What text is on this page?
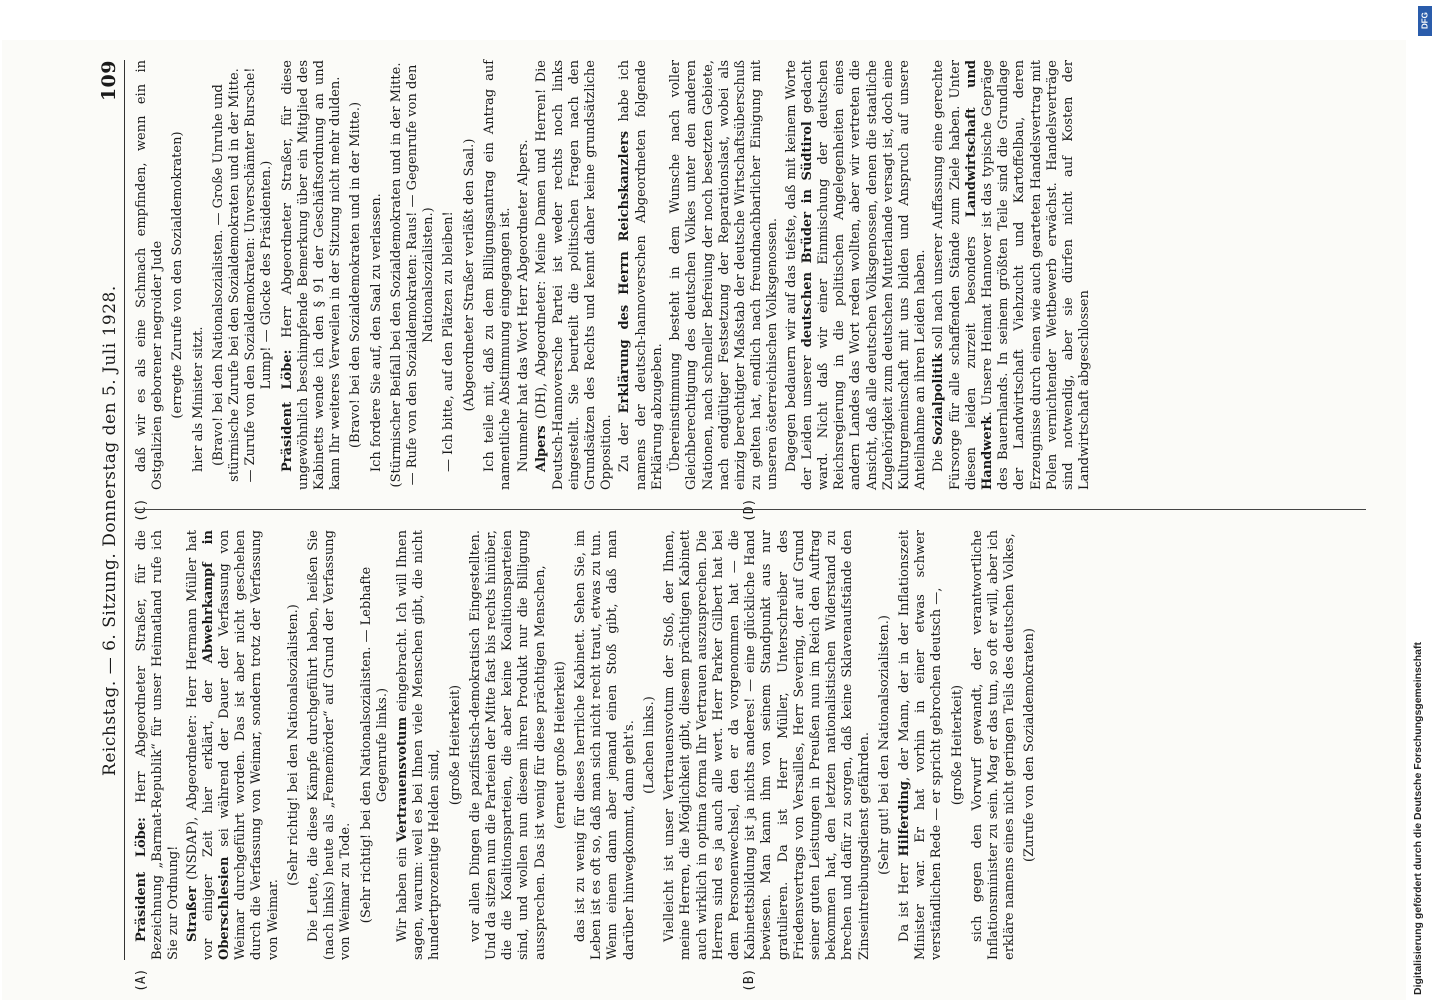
Reichstag. — 6. Sitzung. Donnerstag den 5. Juli 1928.
109
(A)	(B)
(C)	(D)

Präsident Löbe: Herr Abgeordneter Straßer, für die Bezeichnung „Barmat-Republik“ für unser Heimatland rufe ich Sie zur Ordnung! Straßer (NSDAP), Abgeordneter: Herr Hermann Müller hat vor einiger Zeit hier erklärt, der Abwehrkampf in Oberschlesien sei während der Dauer der Verfassung von Weimar durchgeführt worden. Das ist aber nicht geschehen durch die Verfassung von Weimar, sondern trotz der Verfassung von Weimar.

(Sehr richtig! bei den Nationalsozialisten.) Die Leute, die diese Kämpfe durchgeführt haben, heißen Sie (nach links) heute als „Fememörder“ auf Grund der Verfassung von Weimar zu Tode. (Sehr richtig! bei den Nationalsozialisten. — Lebhafte Gegenrufe links.)

Wir haben ein Vertrauensvotum eingebracht. Ich will Ihnen sagen, warum: weil es bei Ihnen viele Menschen gibt, die nicht hundertprozentige Helden sind,

(große Heiterkeit) vor allen Dingen die pazifistisch-demokratisch Eingestellten. Und da sitzen nun die Parteien der Mitte fast bis rechts hinüber, die die Koalitionsparteien, die aber keine Koalitionsparteien sind, und wollen nun diesem ihren Produkt nur die Billigung aussprechen. Das ist wenig für diese prächtigen Menschen, (erneut große Heiterkeit) das ist zu wenig für dieses herrliche Kabinett. Sehen Sie, im Leben ist es oft so, daß man sich nicht recht traut, etwas zu tun. Wenn einem dann aber jemand einen Stoß gibt, daß man darüber hinwegkommt, dann geht's. (Lachen links.) Vielleicht ist unser Vertrauensvotum der Stoß, der Ihnen, meine Herren, die Möglichkeit gibt, diesem prächtigen Kabinett auch wirklich in optima forma Ihr Vertrauen auszusprechen. Die Herren sind es ja auch alle wert. Herr Parker Gilbert hat bei dem Personenwechsel, den er da vorgenommen hat — die Kabinettsbildung ist ja nichts anderes! — eine glückliche Hand bewiesen. Man kann ihm von seinem Standpunkt aus nur gratulieren. Da ist Herr Müller, Unterschreiber des Friedensvertrags von Versailles, Herr Severing, der auf Grund seiner guten Leistungen in Preußen nun im Reich den Auftrag bekommen hat, den letzten nationalistischen Widerstand zu brechen und dafür zu sorgen, daß keine Sklavenaufstände den Zinseintreibungsdienst gefährden. (Sehr gut! bei den Nationalsozialisten.)

Da ist Herr Hilferding, der Mann, der in der Inflationszeit Minister war. Er hat vorhin in einer etwas schwer verständlichen Rede — er spricht gebrochen deutsch —, (große Heiterkeit) sich gegen den Vorwurf gewandt, der verantwortliche Inflationsminister zu sein. Mag er das tun, so oft er will, aber ich erkläre namens eines nicht geringen Teils des deutschen Volkes, (Zurufe von den Sozialdemokraten)

daß wir es als eine Schmach empfinden, wenn ein in Ostgalizien geborener negroider Jude (erregte Zurufe von den Sozialdemokraten) hier als Minister sitzt. (Bravo! bei den Nationalsozialisten. — Große Unruhe und stürmische Zurufe bei den Sozialdemokraten und in der Mitte. — Zurufe von den Sozialdemokraten: Unverschämter Bursche! Lump! — Glocke des Präsidenten.)

Präsident Löbe: Herr Abgeordneter Straßer, für diese ungewöhnlich beschimpfende Bemerkung über ein Mitglied des Kabinetts wende ich den § 91 der Geschäftsordnung an und kann Ihr weiteres Verweilen in der Sitzung nicht mehr dulden. (Bravo! bei den Sozialdemokraten und in der Mitte.) Ich fordere Sie auf, den Saal zu verlassen. (Stürmischer Beifall bei den Sozialdemokraten und in der Mitte. — Rufe von den Sozialdemokraten: Raus! — Gegenrufe von den Nationalsozialisten.) — Ich bitte, auf den Plätzen zu bleiben! (Abgeordneter Straßer verläßt den Saal.) Ich teile mit, daß zu dem Billigungsantrag ein Antrag auf namentliche Abstimmung eingegangen ist. Nunmehr hat das Wort Herr Abgeordneter Alpers. Alpers (DH), Abgeordneter: Meine Damen und Herren! Die Deutsch-Hannoversche Partei ist weder rechts noch links eingestellt. Sie beurteilt die politischen Fragen nach den Grundsätzen des Rechts und kennt daher keine grundsätzliche Opposition. Zu der Erklärung des Herrn Reichskanzlers habe ich namens der deutsch-hannoverschen Abgeordneten folgende Erklärung abzugeben. Übereinstimmung besteht in dem Wunsche nach voller Gleichberechtigung des deutschen Volkes unter den anderen Nationen, nach schneller Befreiung der noch besetzten Gebiete, nach endgültiger Festsetzung der Reparationslast, wobei als einzig berechtigter Maßstab der deutsche Wirtschaftsüberschuß zu gelten hat, endlich nach freundnachbarlicher Einigung mit unseren österreichischen Volksgenossen. Dagegen bedauern wir auf das tiefste, daß mit keinem Worte der Leiden unserer deutschen Brüder in Südtirol gedacht ward. Nicht daß wir einer Einmischung der deutschen Reichsregierung in die politischen Angelegenheiten eines andern Landes das Wort reden wollten, aber wir vertreten die Ansicht, daß alle deutschen Volksgenossen, denen die staatliche Zugehörigkeit zum deutschen Mutterlande versagt ist, doch eine Kulturgemeinschaft mit uns bilden und Anspruch auf unsere Anteilnahme an ihren Leiden haben. Die Sozialpolitik soll nach unserer Auffassung eine gerechte Fürsorge für alle schaffenden Stände zum Ziele haben. Unter diesen leiden zurzeit besonders Landwirtschaft und Handwerk. Unsere Heimat Hannover ist das typische Gepräge des Bauernlands. In seinem größten Teile sind die Grundlage der Landwirtschaft Viehzucht und Kartoffelbau, deren Erzeugnisse durch einen wie auch gearteten Handelsvertrag mit Polen vernichtender Wettbewerb erwächst. Handelsverträge sind notwendig, aber sie dürfen nicht auf Kosten der Landwirtschaft abgeschlossen

DFG
Digitalisierung gefördert durch die Deutsche Forschungsgemeinschaft
